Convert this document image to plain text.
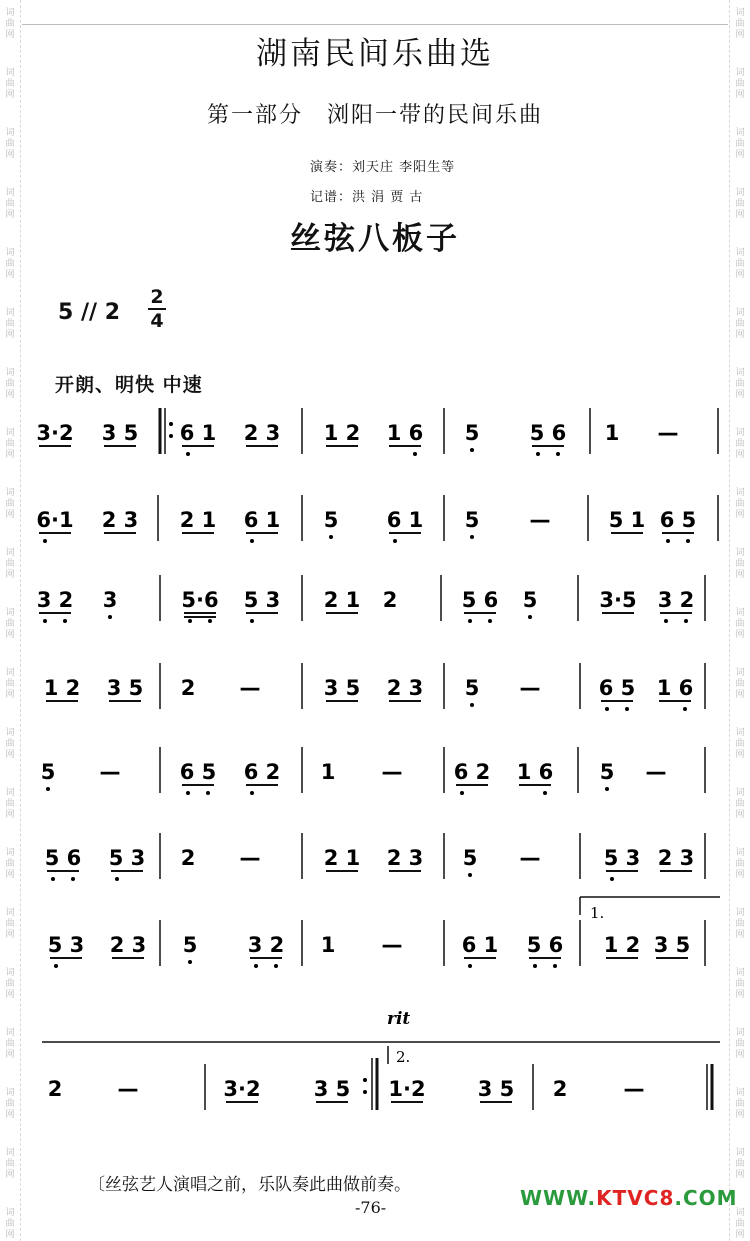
词
曲
网
词
曲
网
词
曲
网
词
曲
网
词
曲
网
词
曲
网
词
曲
网
词
曲
网
词
曲
网
词
曲
网
词
曲
网
词
曲
网
词
曲
网
词
曲
网
词
曲
网
词
曲
网
词
曲
网
词
曲
网
词
曲
网
词
曲
网
词
曲
网
词
曲
网
词
曲
网
词
曲
网
词
曲
网
词
曲
网
词
曲
网
词
曲
网
词
曲
网
词
曲
网
词
曲
网
词
曲
网
词
曲
网
词
曲
网
词
曲
网
词
曲
网
词
曲
网
词
曲
网
词
曲
网
词
曲
网
词
曲
网
词
曲
网
湖南民间乐曲选
第一部分　浏阳一带的民间乐曲
演奏：刘天庄 李阳生等
记谱：洪 涓 贾 古
丝弦八板子
5 // 2
2
4
开朗、明快 中速
3·2 3 5 6 1 2 3 1 2 1 6 5 5 6 1 —
6·1 2 3 2 1 6 1 5 6 1 5 —	5 1 6 5
3 2 3	5·6 5 3 2 1 2	5 6 5	3·5 3 2
1 2 3 5 2 —	3 5 2 3 5 —	6 5 1 6
5 —	6 5 6 2 1 — 6 2 1 6 5 —
5 6 5 3 2 —	2 1 2 3 5 —	5 3 2 3
5 3 2 3 5 3 2 1 —	6 1 5 6 1 2 3 5
2	—	3·2	3 5 1·2 3 5 2	—
1.
rit
2.
〔丝弦艺人演唱之前，乐队奏此曲做前奏。
-76-	WWW.KTVC8.COM
